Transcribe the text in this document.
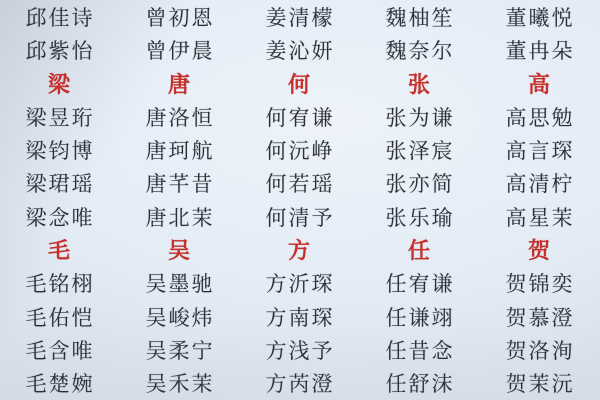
邱佳诗
邱紫怡
梁
梁昱珩
梁钧博
梁珺瑶
梁念唯
毛
毛铭栩
毛佑恺
毛含唯
毛楚婉
曾初恩
曾伊晨
唐
唐洛恒
唐珂航
唐芊昔
唐北茉
吴
吴墨驰
吴峻炜
吴柔宁
吴禾茉
姜清檬
姜沁妍
何
何宥谦
何沅峥
何若瑶
何清予
方
方沂琛
方南琛
方浅予
方芮澄
魏柚笙
魏奈尔
张
张为谦
张泽宸
张亦简
张乐瑜
任
任宥谦
任谦翊
任昔念
任舒沫
董曦悦
董冉朵
高
高思勉
高言琛
高清柠
高星茉
贺
贺锦奕
贺慕澄
贺洛洵
贺茉沅
